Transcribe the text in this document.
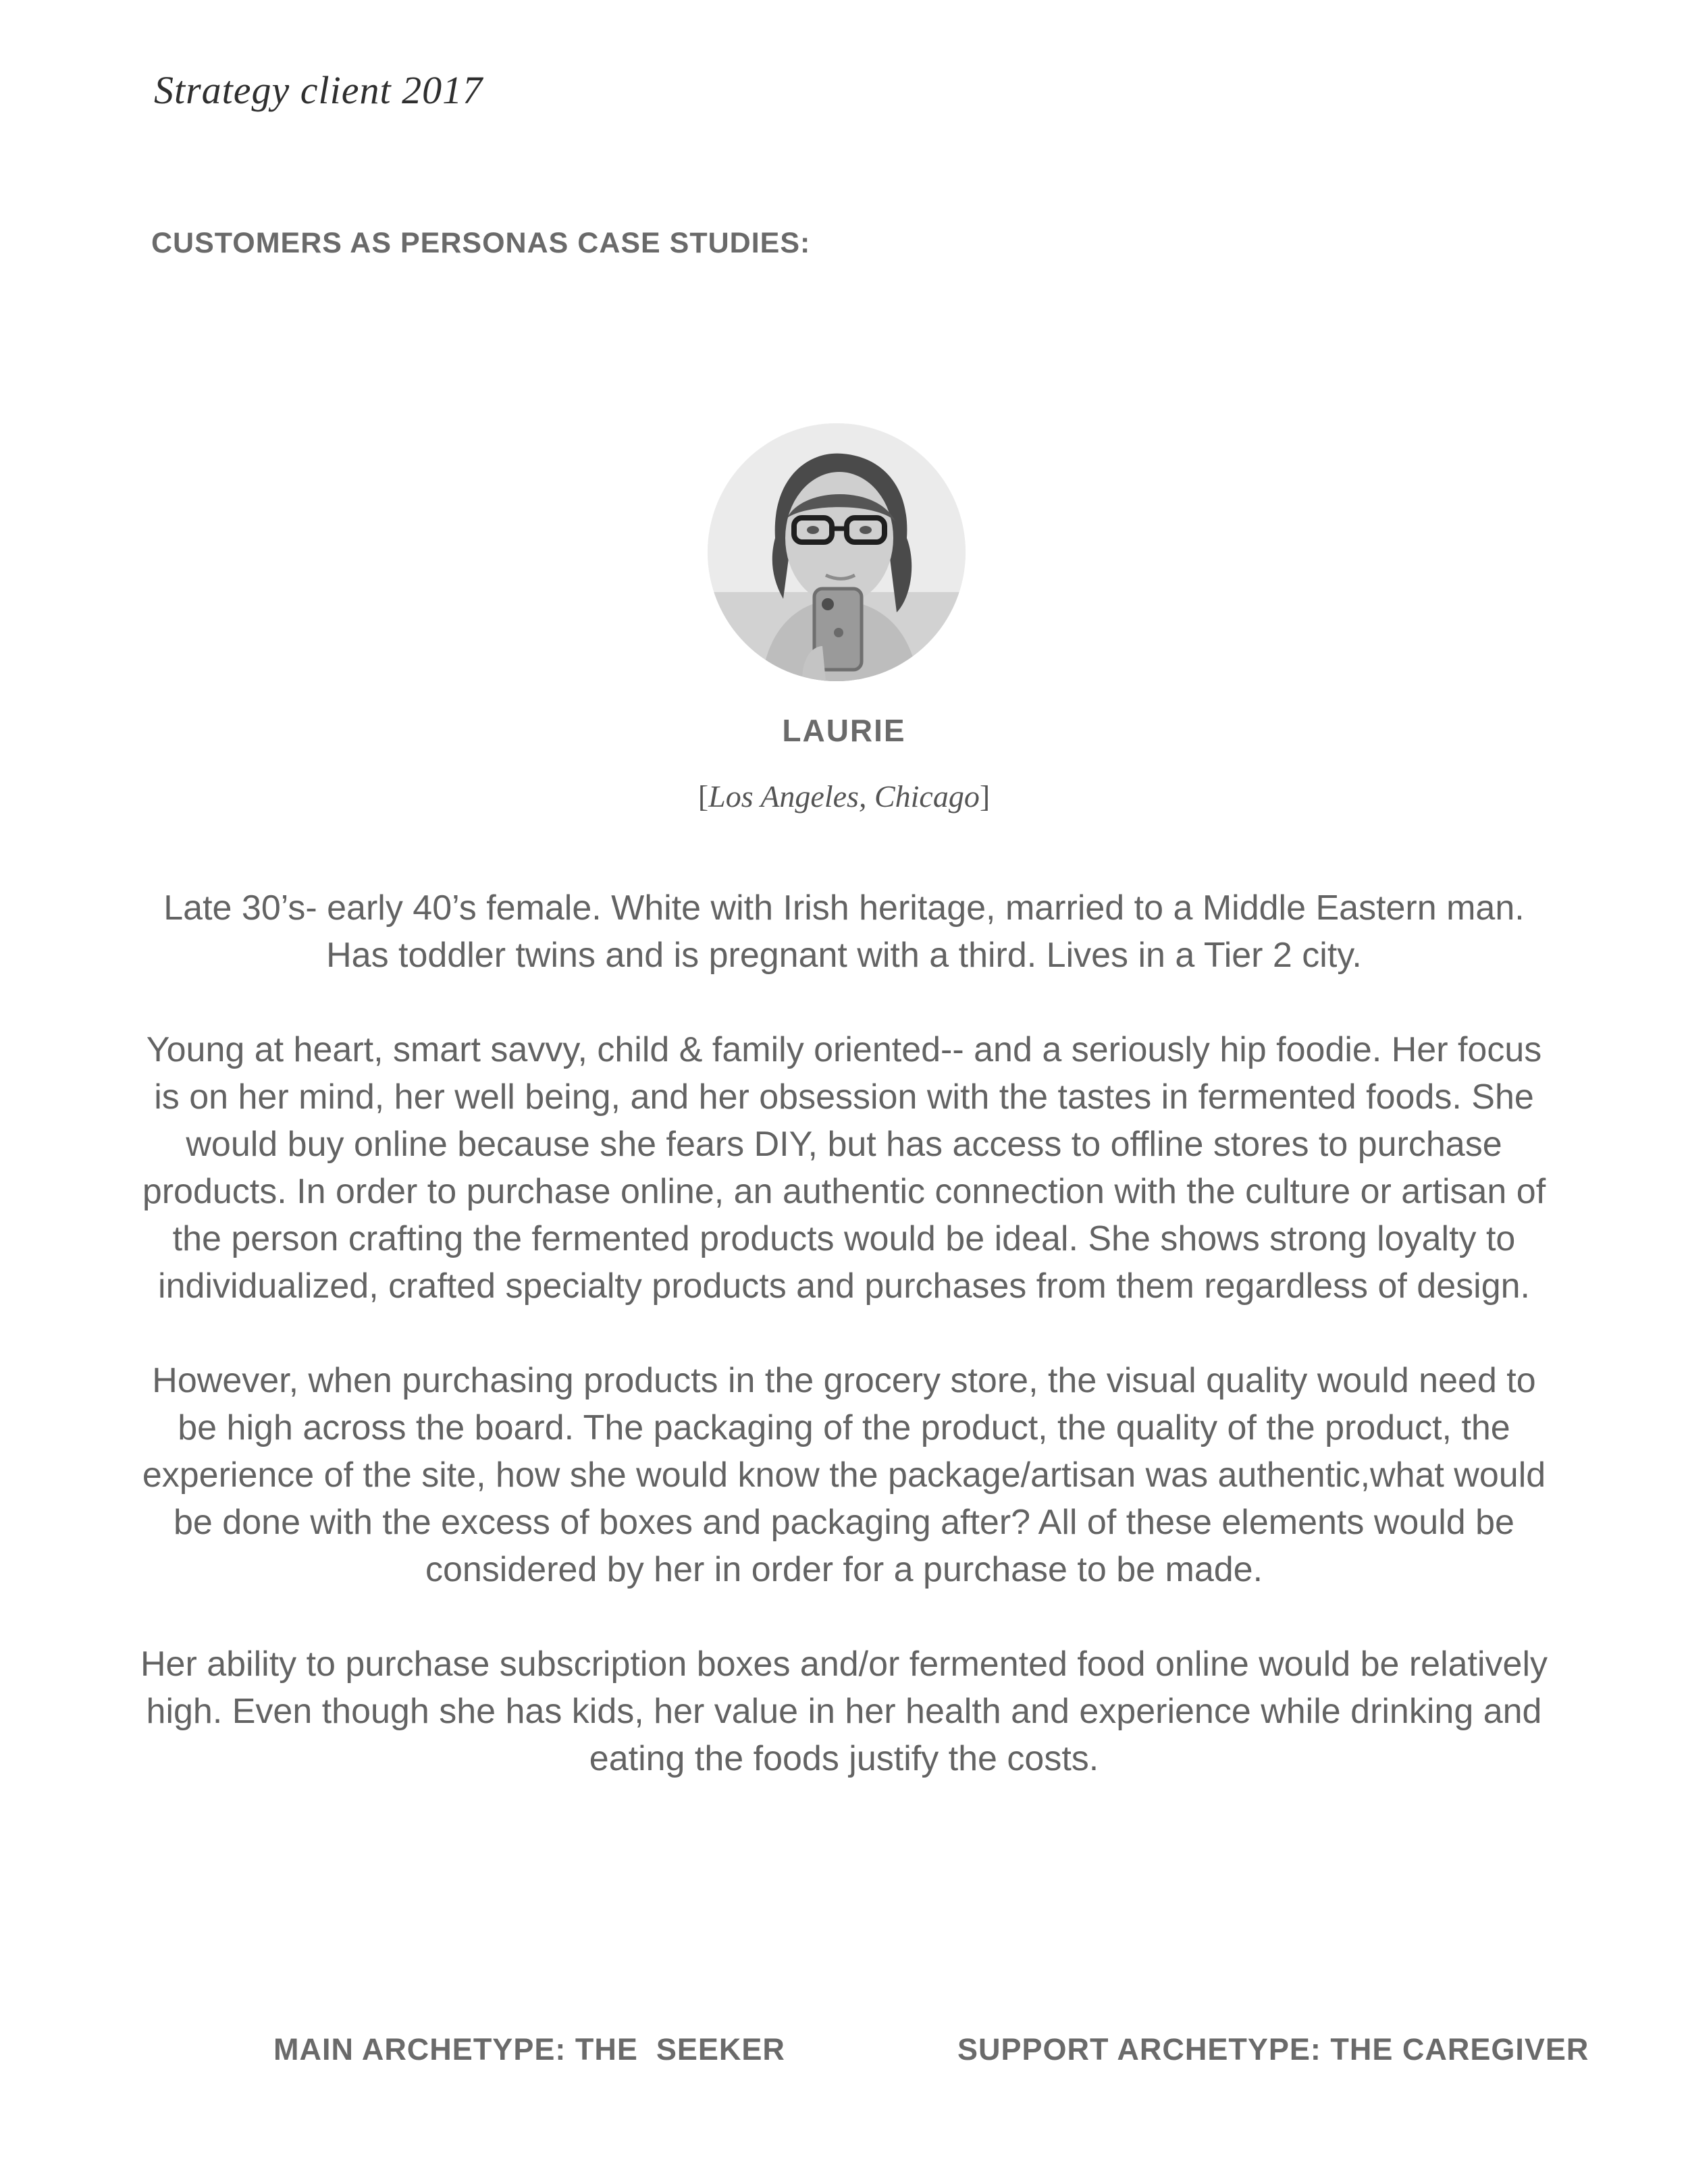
Strategy client 2017
CUSTOMERS AS PERSONAS CASE STUDIES:
LAURIE
[Los Angeles, Chicago]

Late 30’s- early 40’s female. White with Irish heritage, married to a Middle Eastern man. Has toddler twins and is pregnant with a third. Lives in a Tier 2 city.

Young at heart, smart savvy, child & family oriented-- and a seriously hip foodie. Her focus is on her mind, her well being, and her obsession with the tastes in fermented foods. She would buy online because she fears DIY, but has access to offline stores to purchase products. In order to purchase online, an authentic connection with the culture or artisan of the person crafting the fermented products would be ideal. She shows strong loyalty to individualized, crafted specialty products and purchases from them regardless of design.

However, when purchasing products in the grocery store, the visual quality would need to be high across the board. The packaging of the product, the quality of the product, the experience of the site, how she would know the package/artisan was authentic,what would be done with the excess of boxes and packaging after? All of these elements would be considered by her in order for a purchase to be made.

Her ability to purchase subscription boxes and/or fermented food online would be relatively high. Even though she has kids, her value in her health and experience while drinking and eating the foods justify the costs.

MAIN ARCHETYPE: THE  SEEKER	SUPPORT ARCHETYPE: THE CAREGIVER
